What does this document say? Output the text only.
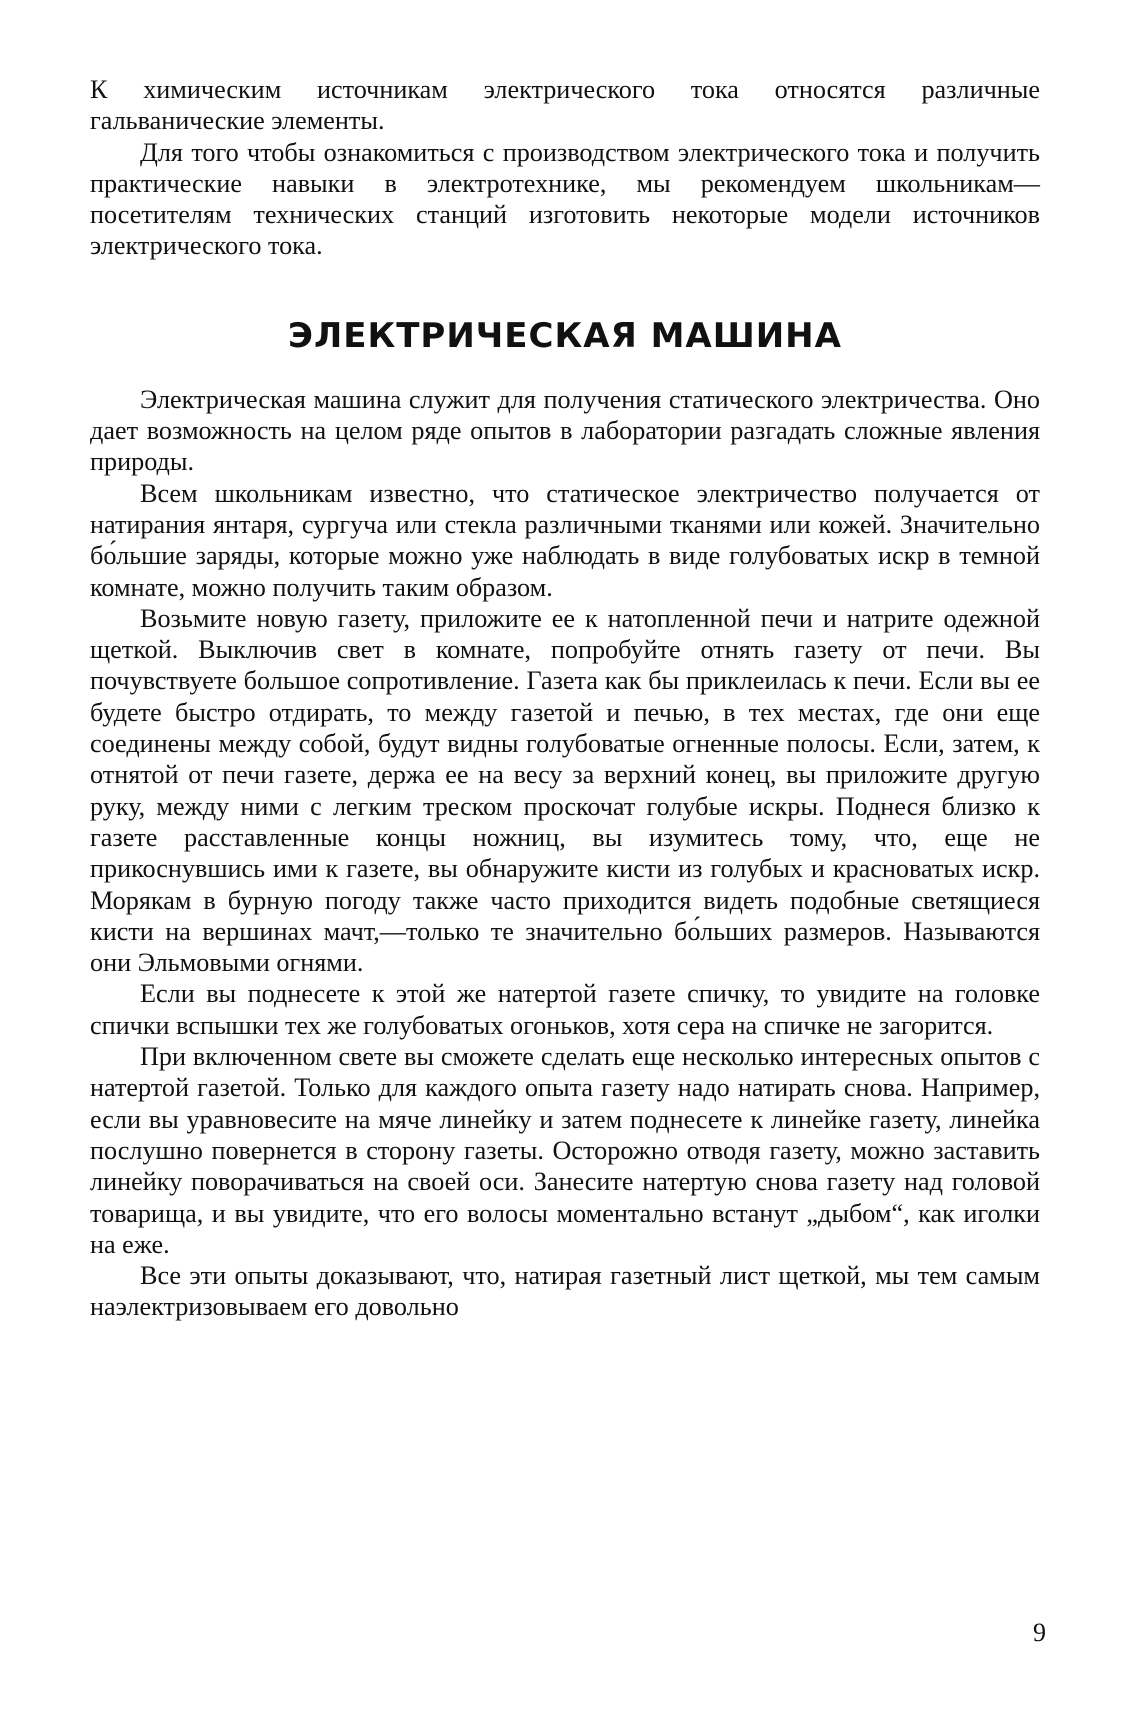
К химическим источникам электрического тока относятся различные гальванические элементы.

Для того чтобы ознакомиться с производством электрического тока и получить практические навыки в электротехнике, мы рекомендуем школьникам—посетителям технических станций изготовить некоторые модели источников электрического тока.

ЭЛЕКТРИЧЕСКАЯ МАШИНА

Электрическая машина служит для получения статического электричества. Оно дает возможность на целом ряде опытов в лаборатории разгадать сложные явления природы.

Всем школьникам известно, что статическое электричество получается от натирания янтаря, сургуча или стекла различными тканями или кожей. Значительно бо́льшие заряды, которые можно уже наблюдать в виде голубоватых искр в темной комнате, можно получить таким образом.

Возьмите новую газету, приложите ее к натопленной печи и натрите одежной щеткой. Выключив свет в комнате, попробуйте отнять газету от печи. Вы почувствуете большое сопротивление. Газета как бы приклеилась к печи. Если вы ее будете быстро отдирать, то между газетой и печью, в тех местах, где они еще соединены между собой, будут видны голубоватые огненные полосы. Если, затем, к отнятой от печи газете, держа ее на весу за верхний конец, вы приложите другую руку, между ними с легким треском проскочат голубые искры. Поднеся близко к газете расставленные концы ножниц, вы изумитесь тому, что, еще не прикоснувшись ими к газете, вы обнаружите кисти из голубых и красноватых искр. Морякам в бурную погоду также часто приходится видеть подобные светящиеся кисти на вершинах мачт,—только те значительно бо́льших размеров. Называются они Эльмовыми огнями.

Если вы поднесете к этой же натертой газете спичку, то увидите на головке спички вспышки тех же голубоватых огоньков, хотя сера на спичке не загорится.

При включенном свете вы сможете сделать еще несколько интересных опытов с натертой газетой. Только для каждого опыта газету надо натирать снова. Например, если вы уравновесите на мяче линейку и затем поднесете к линейке газету, линейка послушно повернется в сторону газеты. Осторожно отводя газету, можно заставить линейку поворачиваться на своей оси. Занесите натертую снова газету над головой товарища, и вы увидите, что его волосы моментально встанут „дыбом“, как иголки на еже.

Все эти опыты доказывают, что, натирая газетный лист щеткой, мы тем самым наэлектризовываем его довольно

9
